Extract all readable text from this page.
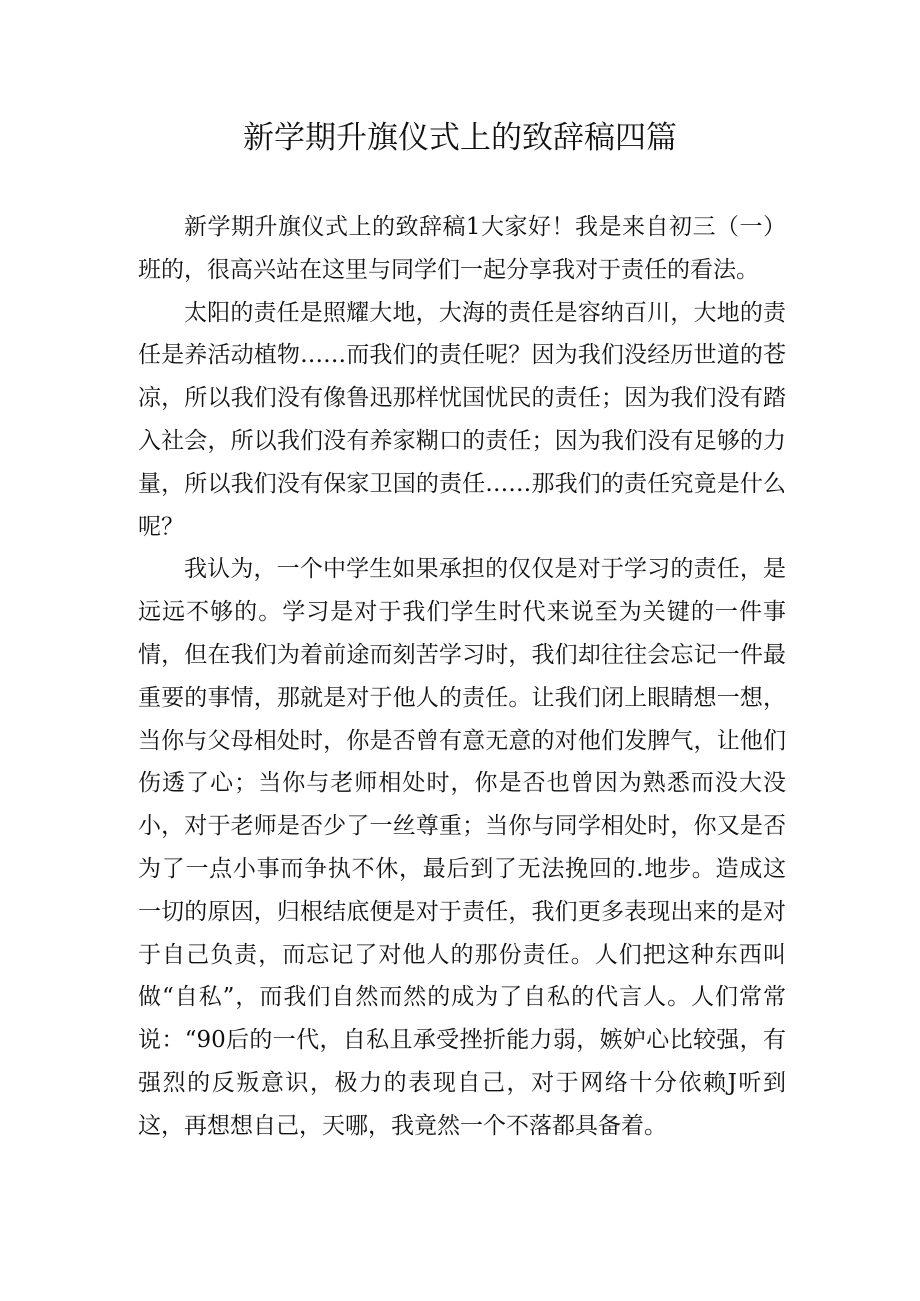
新学期升旗仪式上的致辞稿四篇

新学期升旗仪式上的致辞稿1大家好！我是来自初三（一）班的，很高兴站在这里与同学们一起分享我对于责任的看法。

太阳的责任是照耀大地，大海的责任是容纳百川，大地的责任是养活动植物……而我们的责任呢？因为我们没经历世道的苍凉，所以我们没有像鲁迅那样忧国忧民的责任；因为我们没有踏入社会，所以我们没有养家糊口的责任；因为我们没有足够的力量，所以我们没有保家卫国的责任……那我们的责任究竟是什么呢？

我认为，一个中学生如果承担的仅仅是对于学习的责任，是远远不够的。学习是对于我们学生时代来说至为关键的一件事情，但在我们为着前途而刻苦学习时，我们却往往会忘记一件最重要的事情，那就是对于他人的责任。让我们闭上眼睛想一想，当你与父母相处时，你是否曾有意无意的对他们发脾气，让他们伤透了心；当你与老师相处时，你是否也曾因为熟悉而没大没小，对于老师是否少了一丝尊重；当你与同学相处时，你又是否为了一点小事而争执不休，最后到了无法挽回的.地步。造成这一切的原因，归根结底便是对于责任，我们更多表现出来的是对于自己负责，而忘记了对他人的那份责任。人们把这种东西叫做“自私”，而我们自然而然的成为了自私的代言人。人们常常说：“90后的一代，自私且承受挫折能力弱，嫉妒心比较强，有强烈的反叛意识，极力的表现自己，对于网络十分依赖J听到这，再想想自己，天哪，我竟然一个不落都具备着。
